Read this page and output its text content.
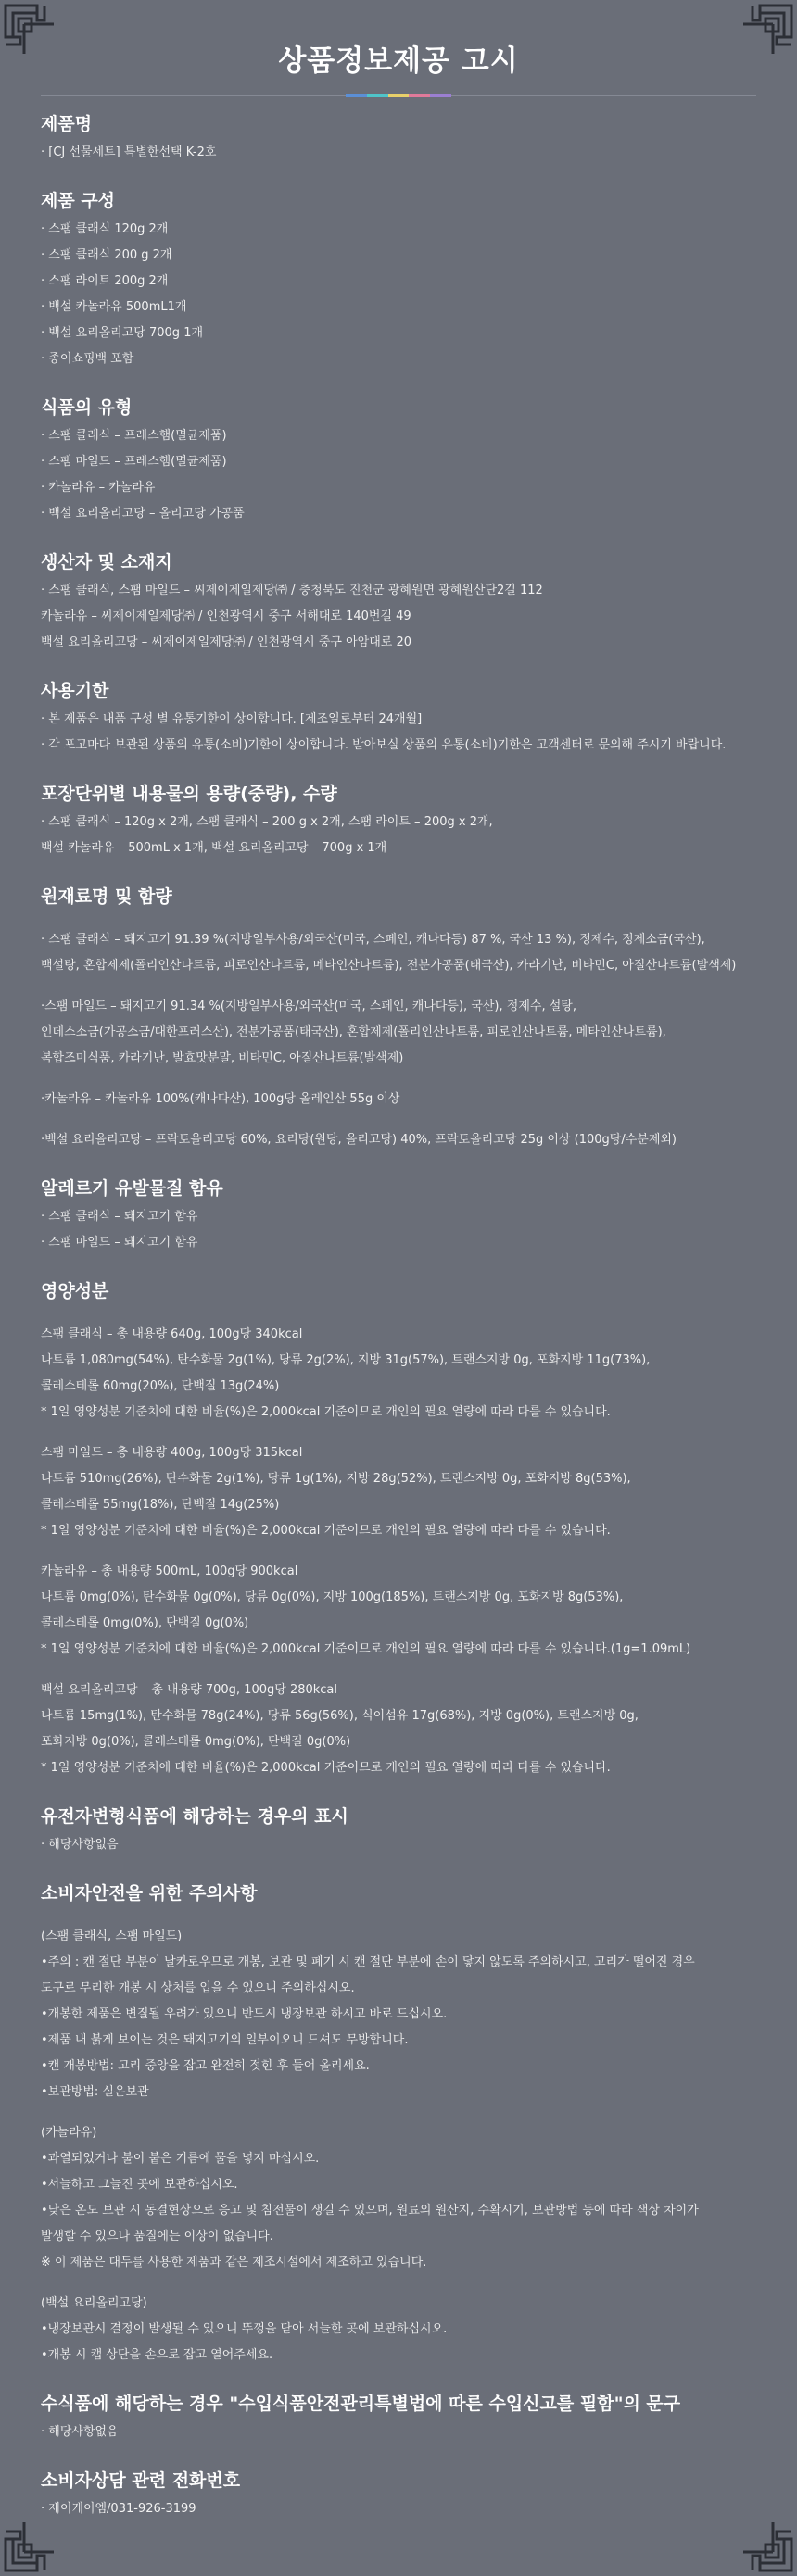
상품정보제공 고시
제품명
· [CJ 선물세트] 특별한선택 K-2호
제품 구성
· 스팸 클래식 120g 2개
· 스팸 클래식 200 g 2개
· 스팸 라이트 200g 2개
· 백설 카놀라유 500mL1개
· 백설 요리올리고당 700g 1개
· 종이쇼핑백 포함
식품의 유형
· 스팸 클래식 – 프레스햄(멸균제품)
· 스팸 마일드 – 프레스햄(멸균제품)
· 카놀라유 – 카놀라유
· 백설 요리올리고당 – 올리고당 가공품
생산자 및 소재지
· 스팸 클래식, 스팸 마일드 – 씨제이제일제당㈜ / 충청북도 진천군 광혜원면 광혜원산단2길 112
카놀라유 – 씨제이제일제당㈜ / 인천광역시 중구 서해대로 140번길 49
백설 요리올리고당 – 씨제이제일제당㈜ / 인천광역시 중구 아암대로 20
사용기한
· 본 제품은 내품 구성 별 유통기한이 상이합니다. [제조일로부터 24개월]
· 각 포고마다 보관된 상품의 유통(소비)기한이 상이합니다. 받아보실 상품의 유통(소비)기한은 고객센터로 문의해 주시기 바랍니다.
포장단위별 내용물의 용량(중량), 수량
· 스팸 클래식 – 120g x 2개, 스팸 클래식 – 200 g x 2개, 스팸 라이트 – 200g x 2개,
백설 카놀라유 – 500mL x 1개, 백설 요리올리고당 – 700g x 1개
원재료명 및 함량
· 스팸 클래식 – 돼지고기 91.39 %(지방일부사용/외국산(미국, 스페인, 캐나다등) 87 %, 국산 13 %), 정제수, 정제소금(국산),
백설탕, 혼합제제(폴리인산나트륨, 피로인산나트륨, 메타인산나트륨), 전분가공품(태국산), 카라기난, 비타민C, 아질산나트륨(발색제)
·스팸 마일드 – 돼지고기 91.34 %(지방일부사용/외국산(미국, 스페인, 캐나다등), 국산), 정제수, 설탕,
인데스소금(가공소금/대한프러스산), 전분가공품(태국산), 혼합제제(폴리인산나트륨, 피로인산나트륨, 메타인산나트륨),
복합조미식품, 카라기난, 발효맛분말, 비타민C, 아질산나트륨(발색제)
·카놀라유 – 카놀라유 100%(캐나다산), 100g당 올레인산 55g 이상
·백설 요리올리고당 – 프락토올리고당 60%, 요리당(원당, 올리고당) 40%, 프락토올리고당 25g 이상 (100g당/수분제외)
알레르기 유발물질 함유
· 스팸 클래식 – 돼지고기 함유
· 스팸 마일드 – 돼지고기 함유
영양성분
스팸 클래식 – 총 내용량 640g, 100g당 340kcal
나트륨 1,080mg(54%), 탄수화물 2g(1%), 당류 2g(2%), 지방 31g(57%), 트랜스지방 0g, 포화지방 11g(73%),
콜레스테롤 60mg(20%), 단백질 13g(24%)
* 1일 영양성분 기준치에 대한 비율(%)은 2,000kcal 기준이므로 개인의 필요 열량에 따라 다를 수 있습니다.
스팸 마일드 – 총 내용량 400g, 100g당 315kcal
나트륨 510mg(26%), 탄수화물 2g(1%), 당류 1g(1%), 지방 28g(52%), 트랜스지방 0g, 포화지방 8g(53%),
콜레스테롤 55mg(18%), 단백질 14g(25%)
* 1일 영양성분 기준치에 대한 비율(%)은 2,000kcal 기준이므로 개인의 필요 열량에 따라 다를 수 있습니다.
카놀라유 – 총 내용량 500mL, 100g당 900kcal
나트륨 0mg(0%), 탄수화물 0g(0%), 당류 0g(0%), 지방 100g(185%), 트랜스지방 0g, 포화지방 8g(53%),
콜레스테롤 0mg(0%), 단백질 0g(0%)
* 1일 영양성분 기준치에 대한 비율(%)은 2,000kcal 기준이므로 개인의 필요 열량에 따라 다를 수 있습니다.(1g=1.09mL)
백설 요리올리고당 – 총 내용량 700g, 100g당 280kcal
나트륨 15mg(1%), 탄수화물 78g(24%), 당류 56g(56%), 식이섬유 17g(68%), 지방 0g(0%), 트랜스지방 0g,
포화지방 0g(0%), 콜레스테롤 0mg(0%), 단백질 0g(0%)
* 1일 영양성분 기준치에 대한 비율(%)은 2,000kcal 기준이므로 개인의 필요 열량에 따라 다를 수 있습니다.
유전자변형식품에 해당하는 경우의 표시
· 해당사항없음
소비자안전을 위한 주의사항
(스팸 클래식, 스팸 마일드)
•주의 : 캔 절단 부분이 날카로우므로 개봉, 보관 및 폐기 시 캔 절단 부분에 손이 닿지 않도록 주의하시고, 고리가 떨어진 경우
도구로 무리한 개봉 시 상처를 입을 수 있으니 주의하십시오.
•개봉한 제품은 변질될 우려가 있으니 반드시 냉장보관 하시고 바로 드십시오.
•제품 내 붉게 보이는 것은 돼지고기의 일부이오니 드셔도 무방합니다.
•캔 개봉방법: 고리 중앙을 잡고 완전히 젖힌 후 들어 올리세요.
•보관방법: 실온보관
(카놀라유)
•과열되었거나 불이 붙은 기름에 물을 넣지 마십시오.
•서늘하고 그늘진 곳에 보관하십시오.
•낮은 온도 보관 시 동결현상으로 응고 및 침전물이 생길 수 있으며, 원료의 원산지, 수확시기, 보관방법 등에 따라 색상 차이가
발생할 수 있으나 품질에는 이상이 없습니다.
※ 이 제품은 대두를 사용한 제품과 같은 제조시설에서 제조하고 있습니다.
(백설 요리올리고당)
•냉장보관시 결정이 발생될 수 있으니 뚜껑을 닫아 서늘한 곳에 보관하십시오.
•개봉 시 캡 상단을 손으로 잡고 열어주세요.
수식품에 해당하는 경우 "수입식품안전관리특별법에 따른 수입신고를 필함"의 문구
· 해당사항없음
소비자상담 관련 전화번호
· 제이케이엠/031-926-3199
